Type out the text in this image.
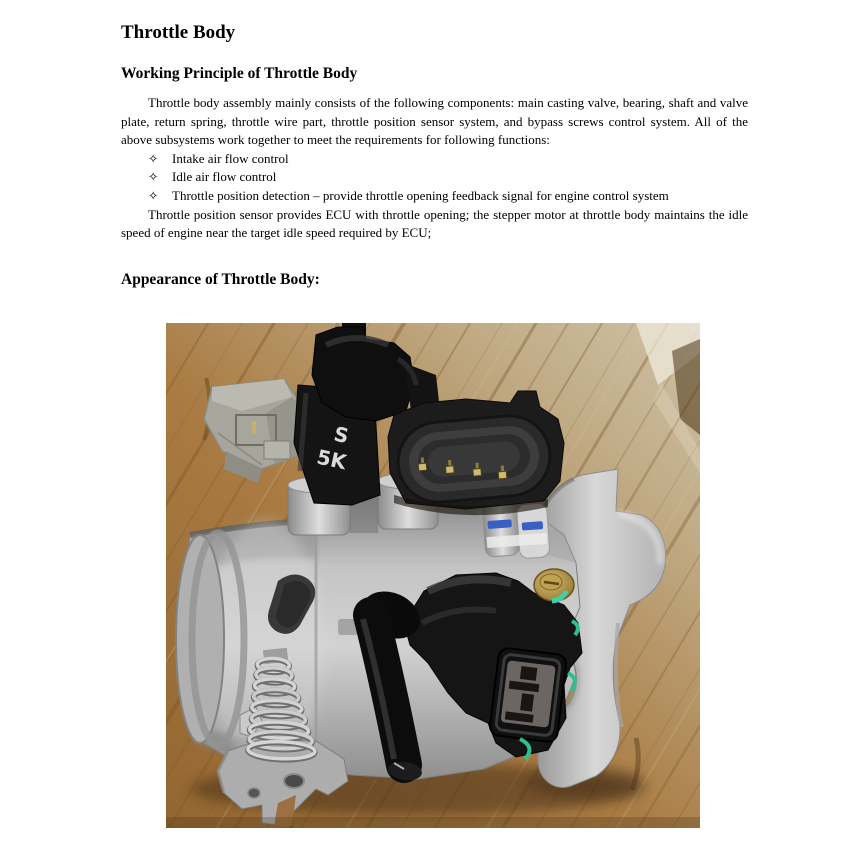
Throttle Body
Working Principle of Throttle Body

Throttle body assembly mainly consists of the following components: main casting valve, bearing, shaft and valve plate, return spring, throttle wire part, throttle position sensor system, and bypass screws control system. All of the above subsystems work together to meet the requirements for following functions:

✧ Intake air flow control
✧ Idle air flow control
✧ Throttle position detection – provide throttle opening feedback signal for engine control system

Throttle position sensor provides ECU with throttle opening; the stepper motor at throttle body maintains the idle speed of engine near the target idle speed required by ECU;

Appearance of Throttle Body:
S
5K
